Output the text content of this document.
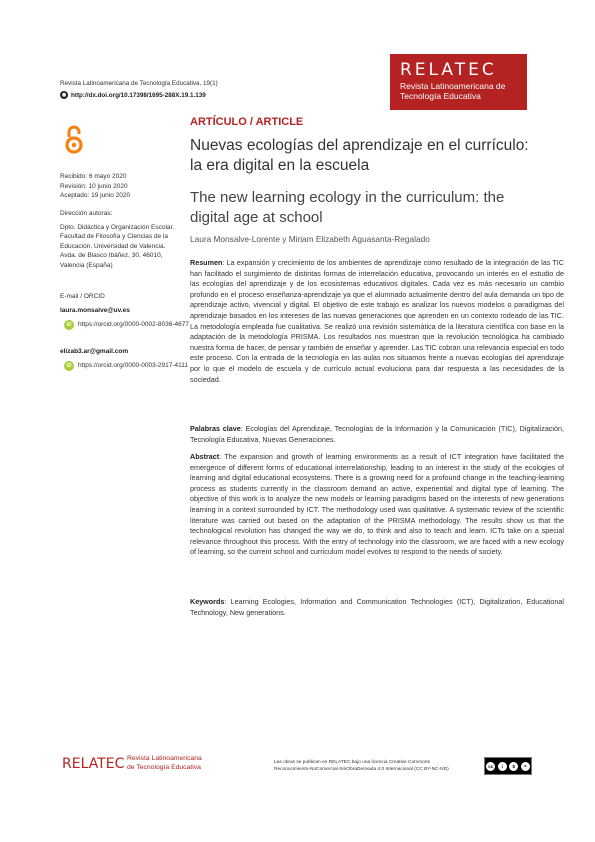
Revista Latinoamericana de Tecnología Educativa, 19(1)
◉ http://dx.doi.org/10.17398/1695-288X.19.1.139
RELATEC
Revista Latinoamericana de
Tecnología Educativa
Recibido: 6 mayo 2020
Revisión: 10 junio 2020
Aceptado: 19 junio 2020
Dirección autoras:
Dpto. Didáctica y Organización Escolar. Facultad de Filosofía y Ciencias de la Educación. Universidad de Valencia. Avda. de Blasco Ibáñez, 30, 46010, Valencia (España)
E-mail / ORCID
laura.monsalve@uv.es
iD	https://orcid.org/0000-0002-8036-4677
elizab3.ar@gmail.com
iD	https://orcid.org/0000-0003-2917-4111
ARTÍCULO / ARTICLE
Nuevas ecologías del aprendizaje en el currículo: la era digital en la escuela
The new learning ecology in the curriculum: the digital age at school
Laura Monsalve-Lorente y Miriam Elizabeth Aguasanta-Regalado
Resumen: La expansión y crecimiento de los ambientes de aprendizaje como resultado de la integración de las TIC han facilitado el surgimiento de distintas formas de interrelación educativa, provocando un interés en el estudio de las ecologías del aprendizaje y de los ecosistemas educativos digitales. Cada vez es más necesario un cambio profundo en el proceso enseñanza-aprendizaje ya que el alumnado actualmente dentro del aula demanda un tipo de aprendizaje activo, vivencial y digital. El objetivo de este trabajo es analizar los nuevos modelos o paradigmas del aprendizaje basados en los intereses de las nuevas generaciones que aprenden en un contexto rodeado de las TIC. La metodología empleada fue cualitativa. Se realizó una revisión sistemática de la literatura científica con base en la adaptación de la metodología PRISMA. Los resultados nos muestran que la revolución tecnológica ha cambiado nuestra forma de hacer, de pensar y también de enseñar y aprender. Las TIC cobran una relevancia especial en todo este proceso. Con la entrada de la tecnología en las aulas nos situamos frente a nuevas ecologías del aprendizaje por lo que el modelo de escuela y de currículo actual evoluciona para dar respuesta a las necesidades de la sociedad.
Palabras clave: Ecologías del Aprendizaje, Tecnologías de la Información y la Comunicación (TIC), Digitalización, Tecnología Educativa, Nuevas Generaciones.
Abstract: The expansion and growth of learning environments as a result of ICT integration have facilitated the emergence of different forms of educational interrelationship, leading to an interest in the study of the ecologies of learning and digital educational ecosystems. There is a growing need for a profound change in the teaching-learning process as students currently in the classroom demand an active, experiential and digital type of learning. The objective of this work is to analyze the new models or learning paradigms based on the interests of new generations learning in a context surrounded by ICT. The methodology used was qualitative. A systematic review of the scientific literature was carried out based on the adaptation of the PRISMA methodology. The results show us that the technological revolution has changed the way we do, to think and also to teach and learn. ICTs take on a special relevance throughout this process. With the entry of technology into the classroom, we are faced with a new ecology of learning, so the current school and curriculum model evolves to respond to the needs of society.
Keywords: Learning Ecologies, Information and Communication Technologies (ICT), Digitalization, Educational Technology, New generations.
RELATEC Revista Latinoamericana
de Tecnología Educativa
Las obras se publican en RELATEC bajo una licencia Creative Commons
Reconocimiento-NoComercial-SinObraDerivada 4.0 Internacional (CC BY-NC-ND)
cc	i	$	=
